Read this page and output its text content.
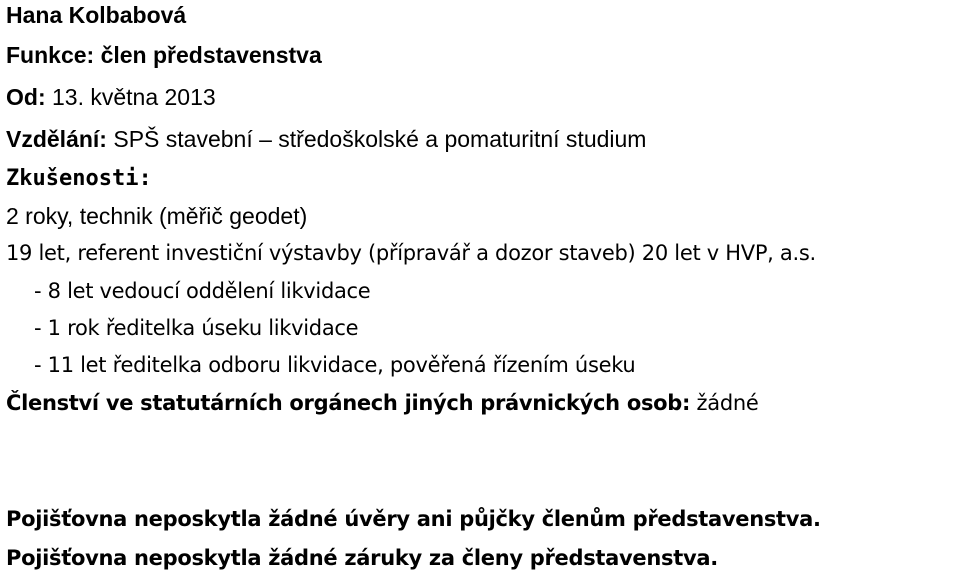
Hana Kolbabová
Funkce: člen představenstva
Od: 13. května 2013
Vzdělání: SPŠ stavební – středoškolské a pomaturitní studium
Zkušenosti:
2 roky, technik (měřič geodet)
19 let, referent investiční výstavby (přípravář a dozor staveb) 20 let v HVP, a.s.
- 8 let vedoucí oddělení likvidace
- 1 rok ředitelka úseku likvidace
- 11 let ředitelka odboru likvidace, pověřená řízením úseku
Členství ve statutárních orgánech jiných právnických osob: žádné
Pojišťovna neposkytla žádné úvěry ani půjčky členům představenstva.
Pojišťovna neposkytla žádné záruky za členy představenstva.
